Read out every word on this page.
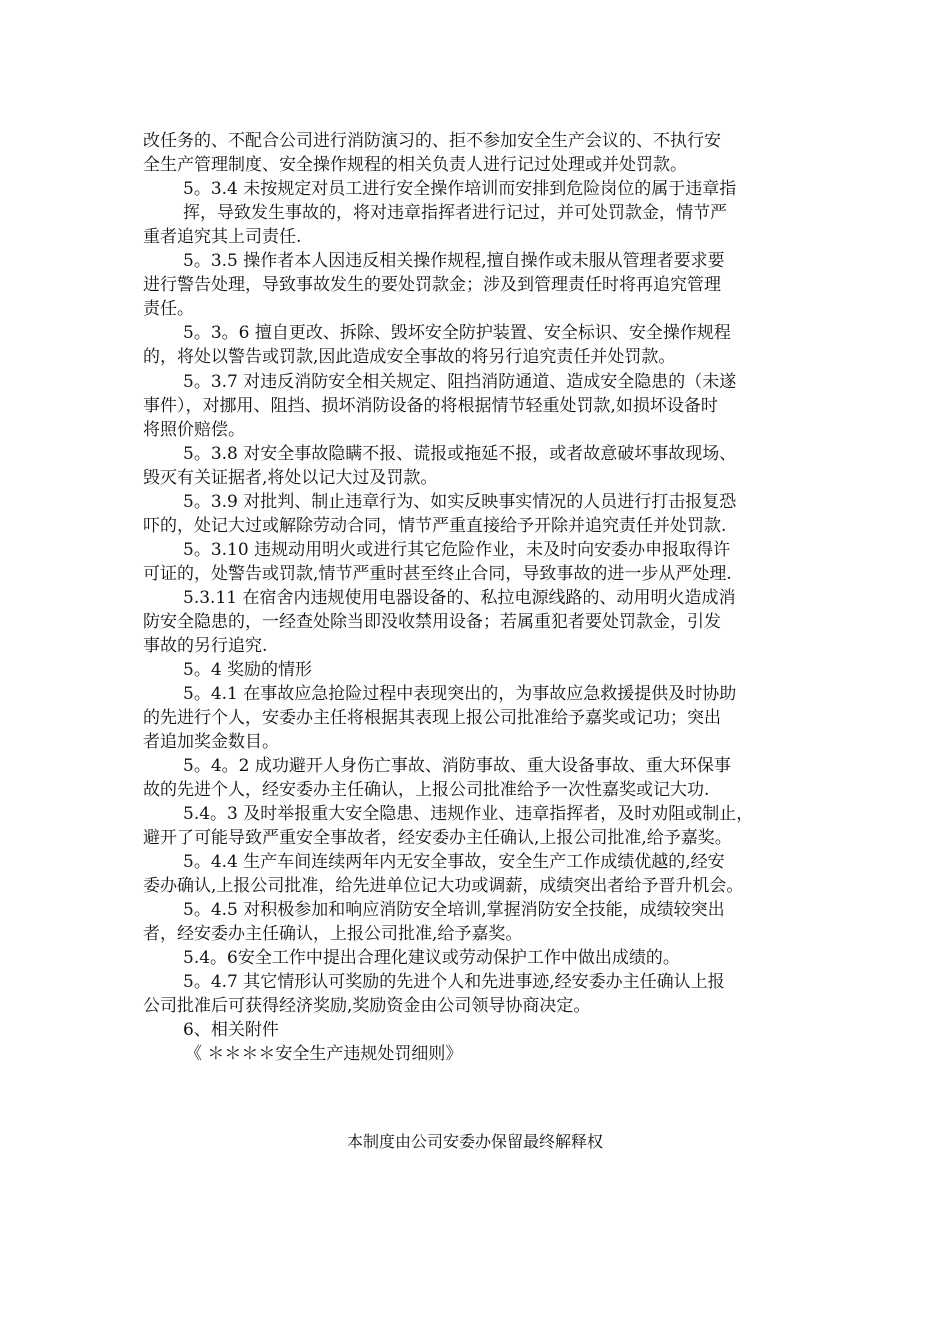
改任务的、不配合公司进行消防演习的、拒不参加安全生产会议的、不执行安
全生产管理制度、安全操作规程的相关负责人进行记过处理或并处罚款。
5。3.4 未按规定对员工进行安全操作培训而安排到危险岗位的属于违章指
挥，导致发生事故的，将对违章指挥者进行记过，并可处罚款金，情节严
重者追究其上司责任.
5。3.5 操作者本人因违反相关操作规程,擅自操作或未服从管理者要求要
进行警告处理，导致事故发生的要处罚款金；涉及到管理责任时将再追究管理
责任。
5。3。6 擅自更改、拆除、毁坏安全防护装置、安全标识、安全操作规程
的，将处以警告或罚款,因此造成安全事故的将另行追究责任并处罚款。
5。3.7 对违反消防安全相关规定、阻挡消防通道、造成安全隐患的（未遂
事件），对挪用、阻挡、损坏消防设备的将根据情节轻重处罚款,如损坏设备时
将照价赔偿。
5。3.8 对安全事故隐瞒不报、谎报或拖延不报，或者故意破坏事故现场、
毁灭有关证据者,将处以记大过及罚款。
5。3.9 对批判、制止违章行为、如实反映事实情况的人员进行打击报复恐
吓的，处记大过或解除劳动合同，情节严重直接给予开除并追究责任并处罚款.
5。3.10 违规动用明火或进行其它危险作业，未及时向安委办申报取得许
可证的，处警告或罚款,情节严重时甚至终止合同，导致事故的进一步从严处理.
5.3.11 在宿舍内违规使用电器设备的、私拉电源线路的、动用明火造成消
防安全隐患的，一经查处除当即没收禁用设备；若属重犯者要处罚款金，引发
事故的另行追究.
5。4 奖励的情形
5。4.1 在事故应急抢险过程中表现突出的，为事故应急救援提供及时协助
的先进行个人，安委办主任将根据其表现上报公司批准给予嘉奖或记功；突出
者追加奖金数目。
5。4。2 成功避开人身伤亡事故、消防事故、重大设备事故、重大环保事
故的先进个人，经安委办主任确认，上报公司批准给予一次性嘉奖或记大功.
5.4。3 及时举报重大安全隐患、违规作业、违章指挥者，及时劝阻或制止，
避开了可能导致严重安全事故者，经安委办主任确认,上报公司批准,给予嘉奖。
5。4.4 生产车间连续两年内无安全事故，安全生产工作成绩优越的,经安
委办确认,上报公司批准，给先进单位记大功或调薪，成绩突出者给予晋升机会。
5。4.5 对积极参加和响应消防安全培训,掌握消防安全技能，成绩较突出
者，经安委办主任确认，上报公司批准,给予嘉奖。
5.4。6安全工作中提出合理化建议或劳动保护工作中做出成绩的。
5。4.7 其它情形认可奖励的先进个人和先进事迹,经安委办主任确认上报
公司批准后可获得经济奖励,奖励资金由公司领导协商决定。
6、相关附件
《 ＊＊＊＊安全生产违规处罚细则》
本制度由公司安委办保留最终解释权
